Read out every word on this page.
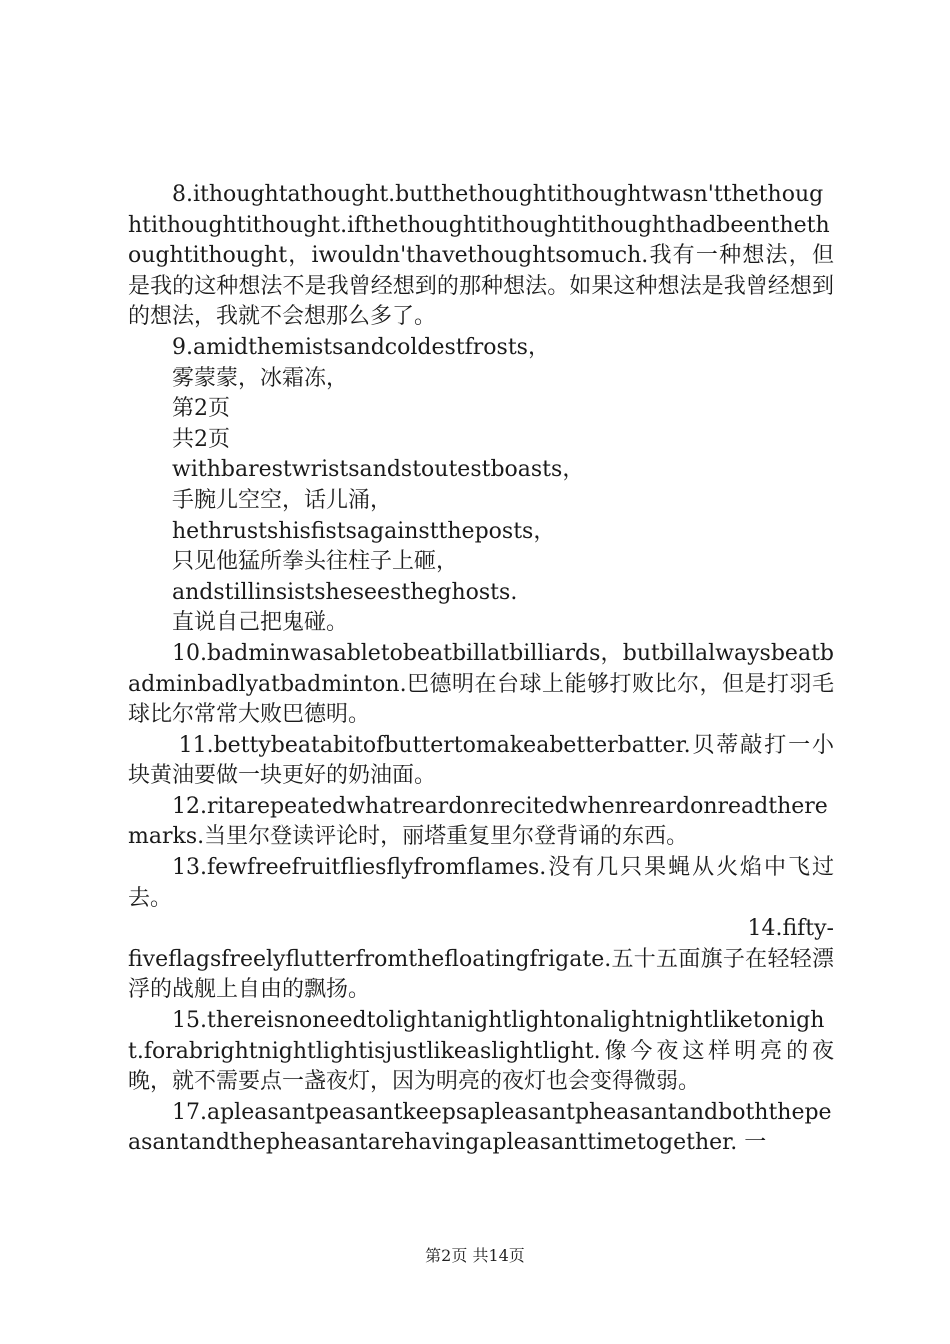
8.ithoughtathought.butthethoughtithoughtwasn'tthethoughtithoughtithought.ifthethoughtithoughtithoughthadbeenthethoughtithought，iwouldn'thavethoughtsomuch.我有一种想法，但是我的这种想法不是我曾经想到的那种想法。如果这种想法是我曾经想到的想法，我就不会想那么多了。

9.amidthemistsandcoldestfrosts，

雾蒙蒙，冰霜冻，

第2页

共2页

withbarestwristsandstoutestboasts，

手腕儿空空，话儿涌，

hethrustshisfistsagainsttheposts，

只见他猛所拳头往柱子上砸，

andstillinsistsheseestheghosts.

直说自己把鬼碰。

10.badminwasabletobeatbillatbilliards，butbillalwaysbeatbadminbadlyatbadminton.巴德明在台球上能够打败比尔，但是打羽毛球比尔常常大败巴德明。

11.bettybeatabitofbuttertomakeabetterbatter.贝蒂敲打一小块黄油要做一块更好的奶油面。

12.ritarepeatedwhatreardonrecitedwhenreardonreadtheremarks.当里尔登读评论时，丽塔重复里尔登背诵的东西。

13.fewfreefruitfliesflyfromflames.没有几只果蝇从火焰中飞过去。

14.fifty-
fiveflagsfreelyflutterfromthefloatingfrigate.五十五面旗子在轻轻漂浮的战舰上自由的飘扬。

15.thereisnoneedtolightanightlightonalightnightliketonight.forabrightnightlightisjustlikeaslightlight.像今夜这样明亮的夜晚，就不需要点一盏夜灯，因为明亮的夜灯也会变得微弱。

17.apleasantpeasantkeepsapleasantpheasantandboththepeasantandthepheasantarehavingapleasanttimetogether. 一

第2页 共14页
